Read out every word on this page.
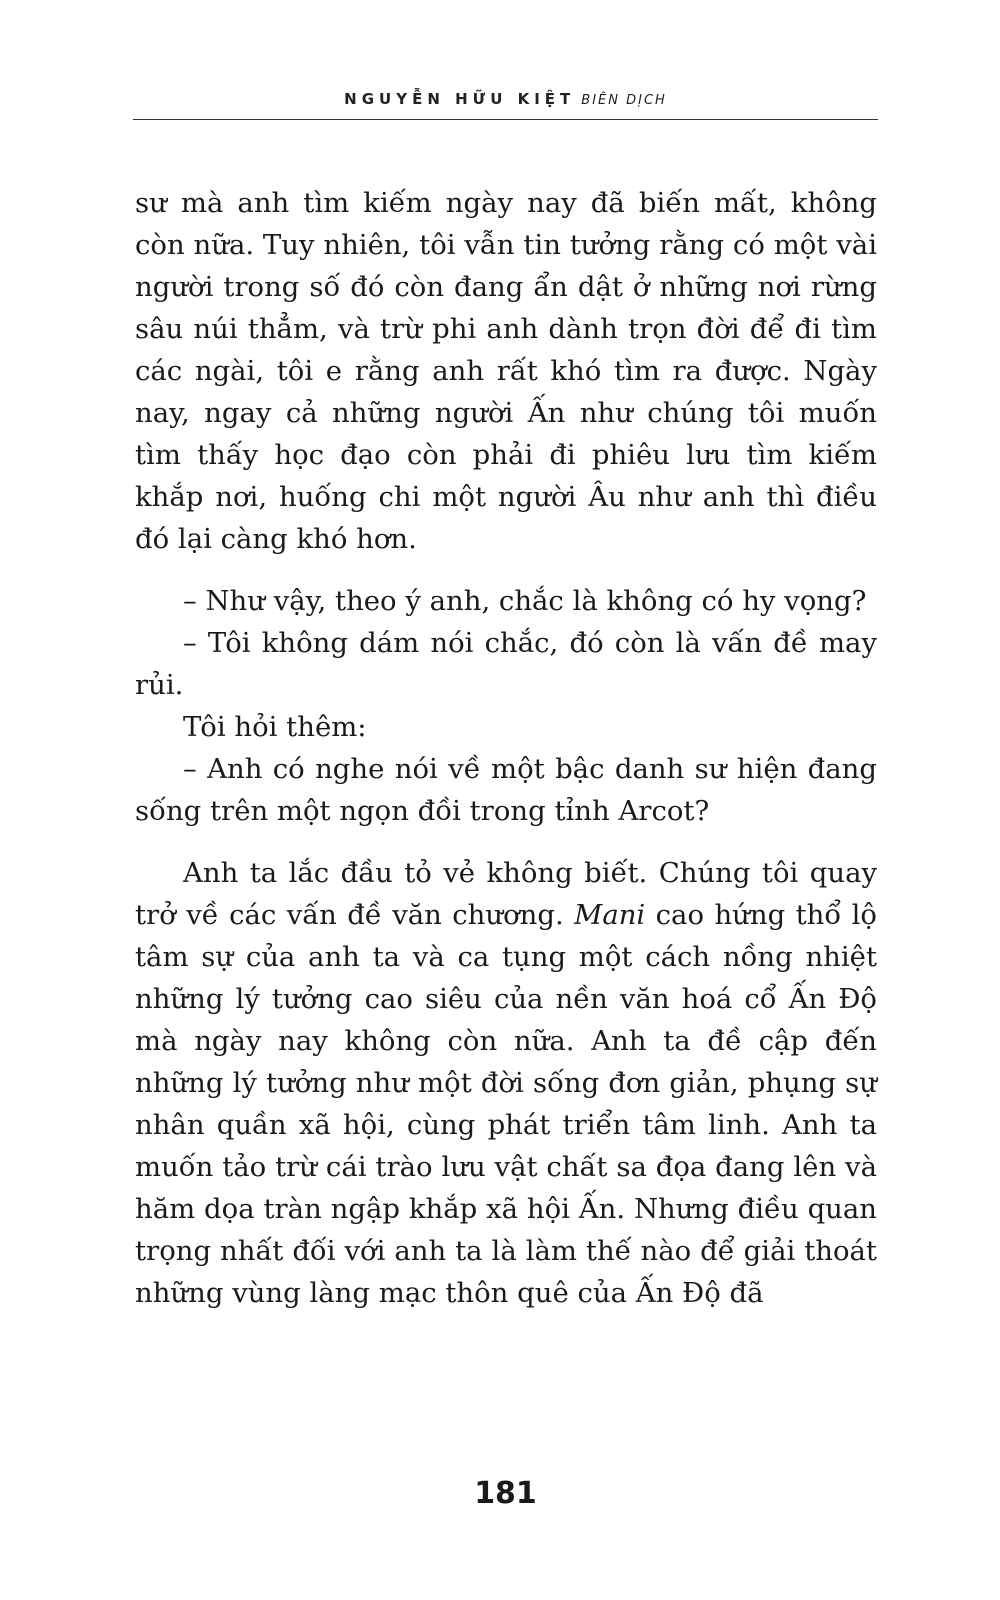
NGUYỄN HỮU KIỆT BIÊN DỊCH

sư mà anh tìm kiếm ngày nay đã biến mất, không còn nữa. Tuy nhiên, tôi vẫn tin tưởng rằng có một vài người trong số đó còn đang ẩn dật ở những nơi rừng sâu núi thẳm, và trừ phi anh dành trọn đời để đi tìm các ngài, tôi e rằng anh rất khó tìm ra được. Ngày nay, ngay cả những người Ấn như chúng tôi muốn tìm thấy học đạo còn phải đi phiêu lưu tìm kiếm khắp nơi, huống chi một người Âu như anh thì điều đó lại càng khó hơn.

– Như vậy, theo ý anh, chắc là không có hy vọng?

– Tôi không dám nói chắc, đó còn là vấn đề may rủi.

Tôi hỏi thêm:

– Anh có nghe nói về một bậc danh sư hiện đang sống trên một ngọn đồi trong tỉnh Arcot?

Anh ta lắc đầu tỏ vẻ không biết. Chúng tôi quay trở về các vấn đề văn chương. Mani cao hứng thổ lộ tâm sự của anh ta và ca tụng một cách nồng nhiệt những lý tưởng cao siêu của nền văn hoá cổ Ấn Độ mà ngày nay không còn nữa. Anh ta đề cập đến những lý tưởng như một đời sống đơn giản, phụng sự nhân quần xã hội, cùng phát triển tâm linh. Anh ta muốn tảo trừ cái trào lưu vật chất sa đọa đang lên và hăm dọa tràn ngập khắp xã hội Ấn. Nhưng điều quan trọng nhất đối với anh ta là làm thế nào để giải thoát những vùng làng mạc thôn quê của Ấn Độ đã

181
